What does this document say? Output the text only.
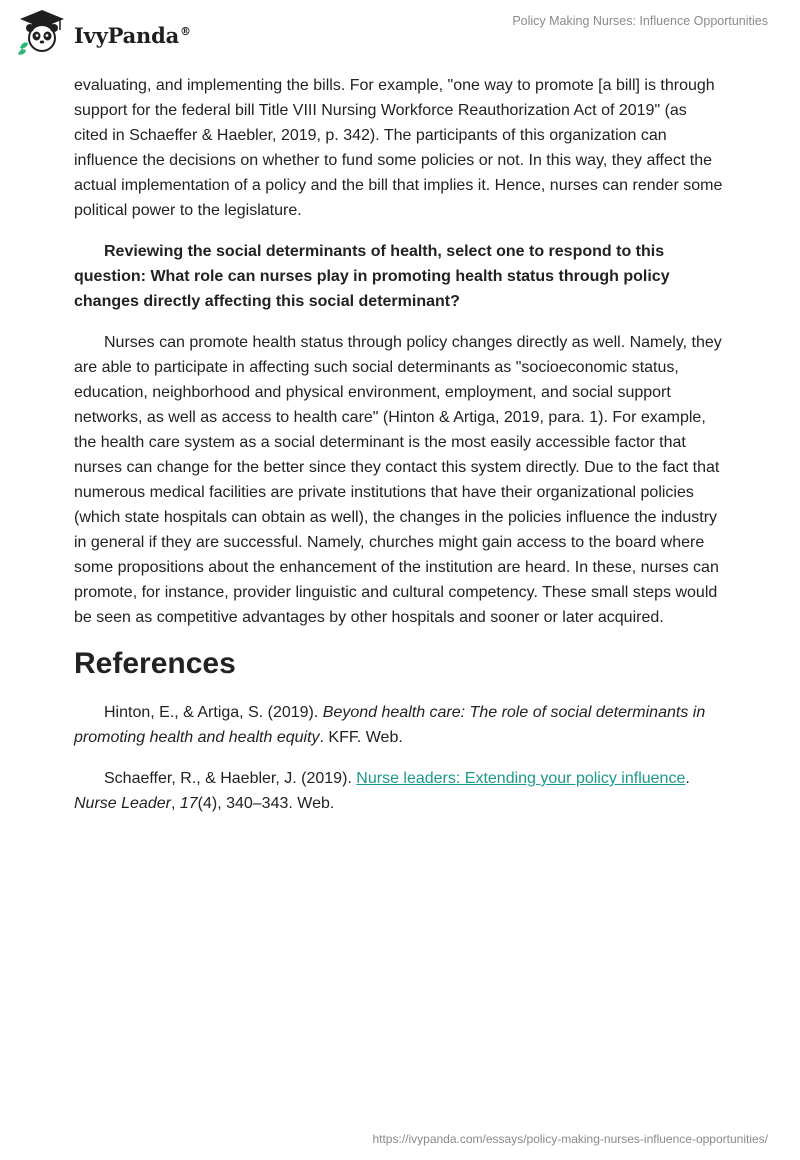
IvyPanda®
Policy Making Nurses: Influence Opportunities

evaluating, and implementing the bills. For example, "one way to promote [a bill] is through support for the federal bill Title VIII Nursing Workforce Reauthorization Act of 2019" (as cited in Schaeffer & Haebler, 2019, p. 342). The participants of this organization can influence the decisions on whether to fund some policies or not. In this way, they affect the actual implementation of a policy and the bill that implies it. Hence, nurses can render some political power to the legislature.

Reviewing the social determinants of health, select one to respond to this question: What role can nurses play in promoting health status through policy changes directly affecting this social determinant?

Nurses can promote health status through policy changes directly as well. Namely, they are able to participate in affecting such social determinants as "socioeconomic status, education, neighborhood and physical environment, employment, and social support networks, as well as access to health care" (Hinton & Artiga, 2019, para. 1). For example, the health care system as a social determinant is the most easily accessible factor that nurses can change for the better since they contact this system directly. Due to the fact that numerous medical facilities are private institutions that have their organizational policies (which state hospitals can obtain as well), the changes in the policies influence the industry in general if they are successful. Namely, churches might gain access to the board where some propositions about the enhancement of the institution are heard. In these, nurses can promote, for instance, provider linguistic and cultural competency. These small steps would be seen as competitive advantages by other hospitals and sooner or later acquired.

References

Hinton, E., & Artiga, S. (2019). Beyond health care: The role of social determinants in promoting health and health equity. KFF. Web.

Schaeffer, R., & Haebler, J. (2019). Nurse leaders: Extending your policy influence. Nurse Leader, 17(4), 340–343. Web.

https://ivypanda.com/essays/policy-making-nurses-influence-opportunities/
